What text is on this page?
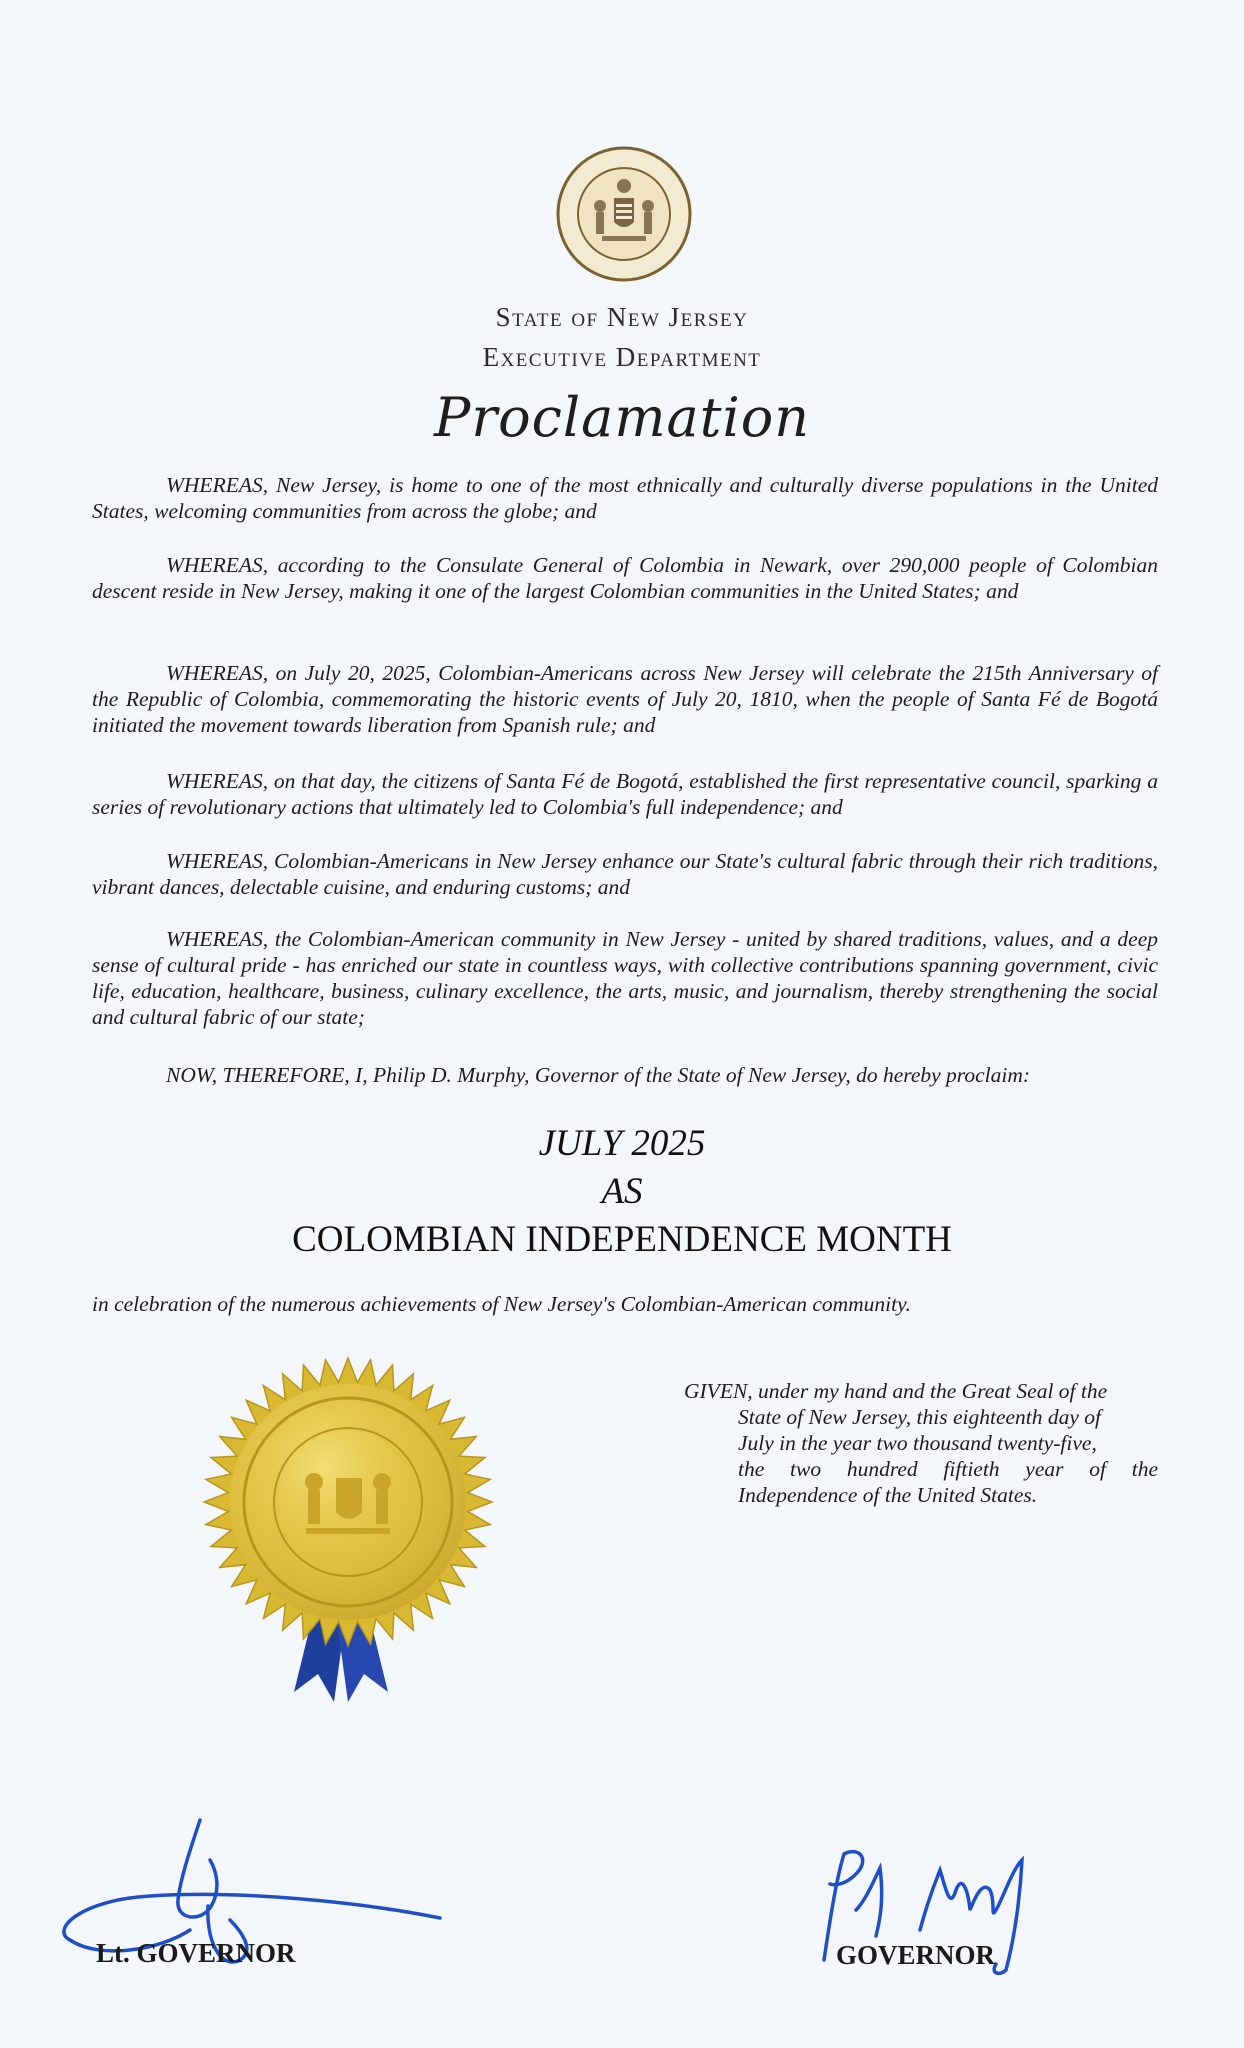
State of New Jersey
Executive Department
Proclamation

WHEREAS, New Jersey, is home to one of the most ethnically and culturally diverse populations in the United States, welcoming communities from across the globe; and

WHEREAS, according to the Consulate General of Colombia in Newark, over 290,000 people of Colombian descent reside in New Jersey, making it one of the largest Colombian communities in the United States; and

WHEREAS, on July 20, 2025, Colombian-Americans across New Jersey will celebrate the 215th Anniversary of the Republic of Colombia, commemorating the historic events of July 20, 1810, when the people of Santa Fé de Bogotá initiated the movement towards liberation from Spanish rule; and

WHEREAS, on that day, the citizens of Santa Fé de Bogotá, established the first representative council, sparking a series of revolutionary actions that ultimately led to Colombia's full independence; and

WHEREAS, Colombian-Americans in New Jersey enhance our State's cultural fabric through their rich traditions, vibrant dances, delectable cuisine, and enduring customs; and

WHEREAS, the Colombian-American community in New Jersey - united by shared traditions, values, and a deep sense of cultural pride - has enriched our state in countless ways, with collective contributions spanning government, civic life, education, healthcare, business, culinary excellence, the arts, music, and journalism, thereby strengthening the social and cultural fabric of our state;

NOW, THEREFORE, I, Philip D. Murphy, Governor of the State of New Jersey, do hereby proclaim:

JULY 2025
AS
COLOMBIAN INDEPENDENCE MONTH
in celebration of the numerous achievements of New Jersey's Colombian-American community.
GIVEN, under my hand and the Great Seal of the
State of New Jersey, this eighteenth day of
July in the year two thousand twenty-five,
the two hundred fiftieth year of the
Independence of the United States.
Lt. GOVERNOR	GOVERNOR
